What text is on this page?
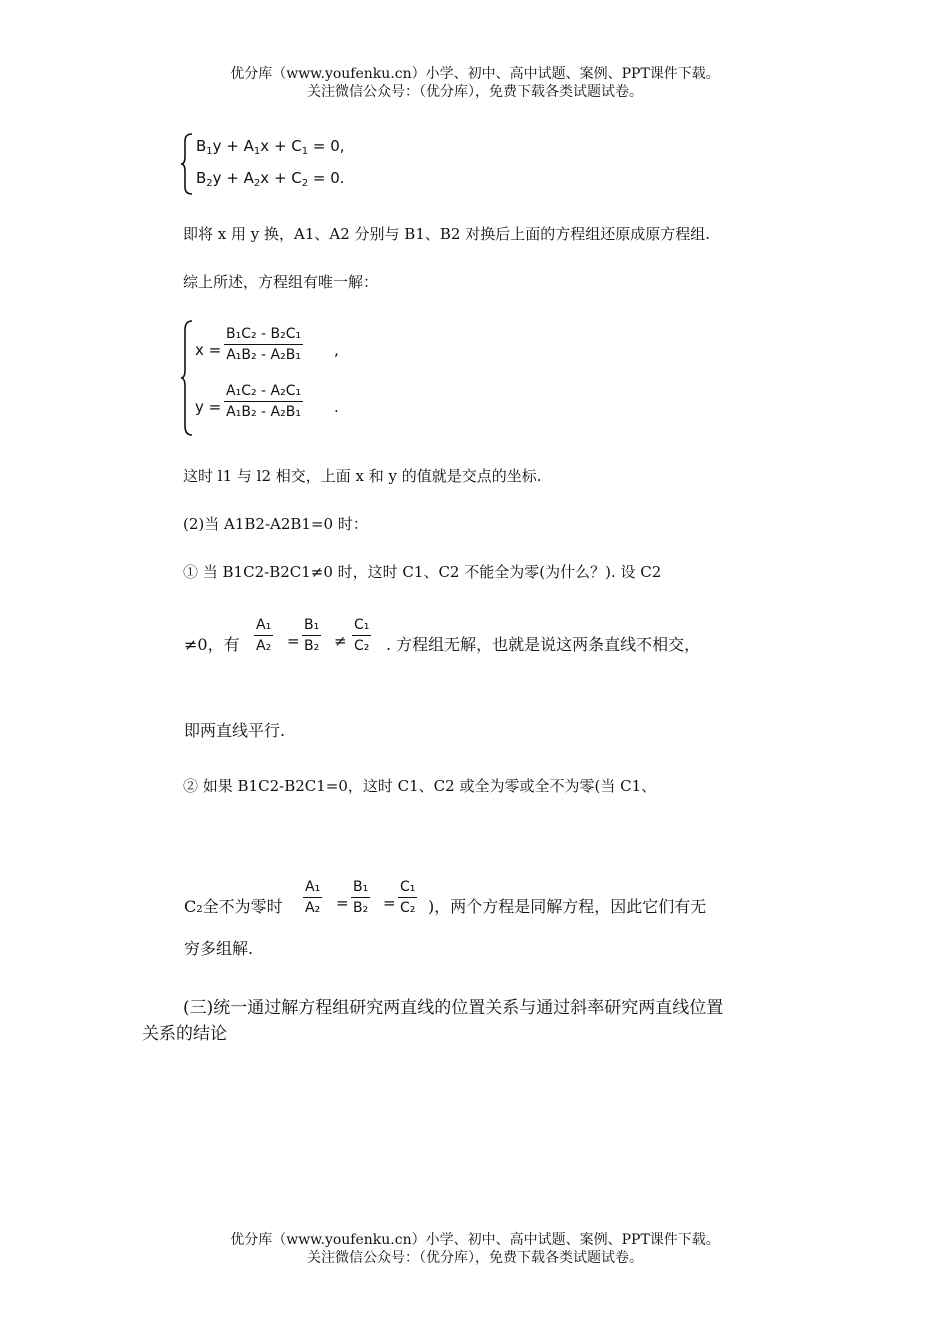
优分库（www.youfenku.cn）小学、初中、高中试题、案例、PPT课件下载。
关注微信公众号：（优分库），免费下载各类试题试卷。
$B_1y + A_1x + C_1 = 0$,
$B_2y + A_2x + C_2 = 0$.
即将 x 用 y 换，A1、A2 分别与 B1、B2 对换后上面的方程组还原成原方程组.
综上所述，方程组有唯一解：
x =
B₁C₂ - B₂C₁
A₁B₂ - A₂B₁ ,
y =
A₁C₂ - A₂C₁
A₁B₂ - A₂B₁ .
这时 l1 与 l2 相交，上面 x 和 y 的值就是交点的坐标.
(2)当 A1B2-A2B1=0 时：
① 当 B1C2-B2C1≠0 时，这时 C1、C2 不能全为零(为什么？). 设 C2
≠0，有
A₁
A₂ =
B₁
B₂ ≠
C₁
C₂ . 方程组无解，也就是说这两条直线不相交，
即两直线平行.
② 如果 B1C2-B2C1=0，这时 C1、C2 或全为零或全不为零(当 C1、
C₂全不为零时
A₁
A₂ =
B₁
B₂ =
C₁
C₂ )，两个方程是同解方程，因此它们有无
穷多组解.
(三)统一通过解方程组研究两直线的位置关系与通过斜率研究两直线位置
关系的结论
优分库（www.youfenku.cn）小学、初中、高中试题、案例、PPT课件下载。
关注微信公众号：（优分库），免费下载各类试题试卷。
